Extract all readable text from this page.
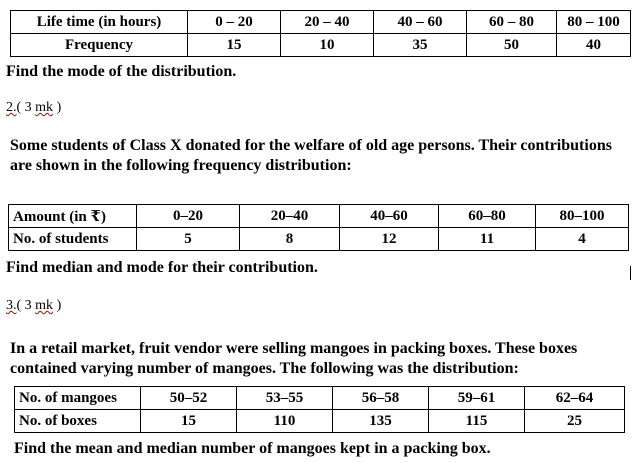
Life time (in hours)	0 – 20	20 – 40	40 – 60	60 – 80	80 – 100
Frequency	15	10	35	50	40
Find the mode of the distribution.
2.( 3 mk )
Some students of Class X donated for the welfare of old age persons. Their contributions are shown in the following frequency distribution:
Amount (in ₹)	0–20	20–40	40–60	60–80	80–100
No. of students	5	8	12	11	4
Find median and mode for their contribution.
3.( 3 mk )
In a retail market, fruit vendor were selling mangoes in packing boxes. These boxes contained varying number of mangoes. The following was the distribution:
No. of mangoes	50–52	53–55	56–58	59–61	62–64
No. of boxes	15	110	135	115	25
Find the mean and median number of mangoes kept in a packing box.
